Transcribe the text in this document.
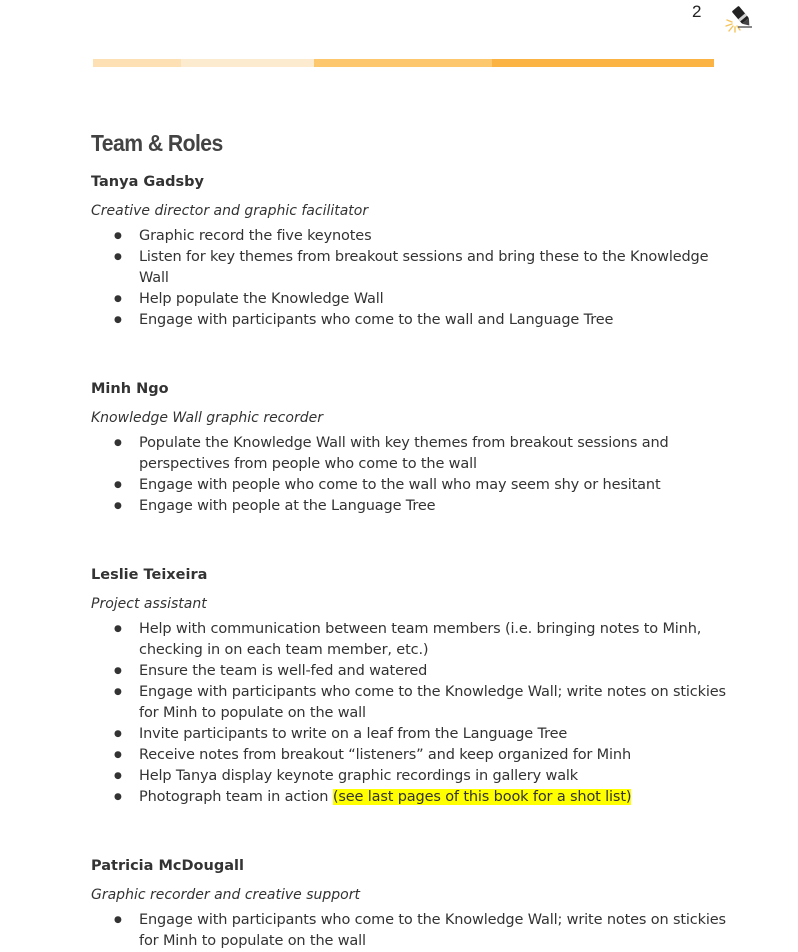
2
Team & Roles
Tanya Gadsby
Creative director and graphic facilitator
● Graphic record the five keynotes
● Listen for key themes from breakout sessions and bring these to the Knowledge Wall
● Help populate the Knowledge Wall
● Engage with participants who come to the wall and Language Tree
Minh Ngo
Knowledge Wall graphic recorder
● Populate the Knowledge Wall with key themes from breakout sessions and perspectives from people who come to the wall
● Engage with people who come to the wall who may seem shy or hesitant
● Engage with people at the Language Tree
Leslie Teixeira
Project assistant
● Help with communication between team members (i.e. bringing notes to Minh, checking in on each team member, etc.)
● Ensure the team is well-fed and watered
● Engage with participants who come to the Knowledge Wall; write notes on stickies for Minh to populate on the wall
● Invite participants to write on a leaf from the Language Tree
● Receive notes from breakout “listeners” and keep organized for Minh
● Help Tanya display keynote graphic recordings in gallery walk
● Photograph team in action (see last pages of this book for a shot list)
Patricia McDougall
Graphic recorder and creative support
● Engage with participants who come to the Knowledge Wall; write notes on stickies for Minh to populate on the wall
